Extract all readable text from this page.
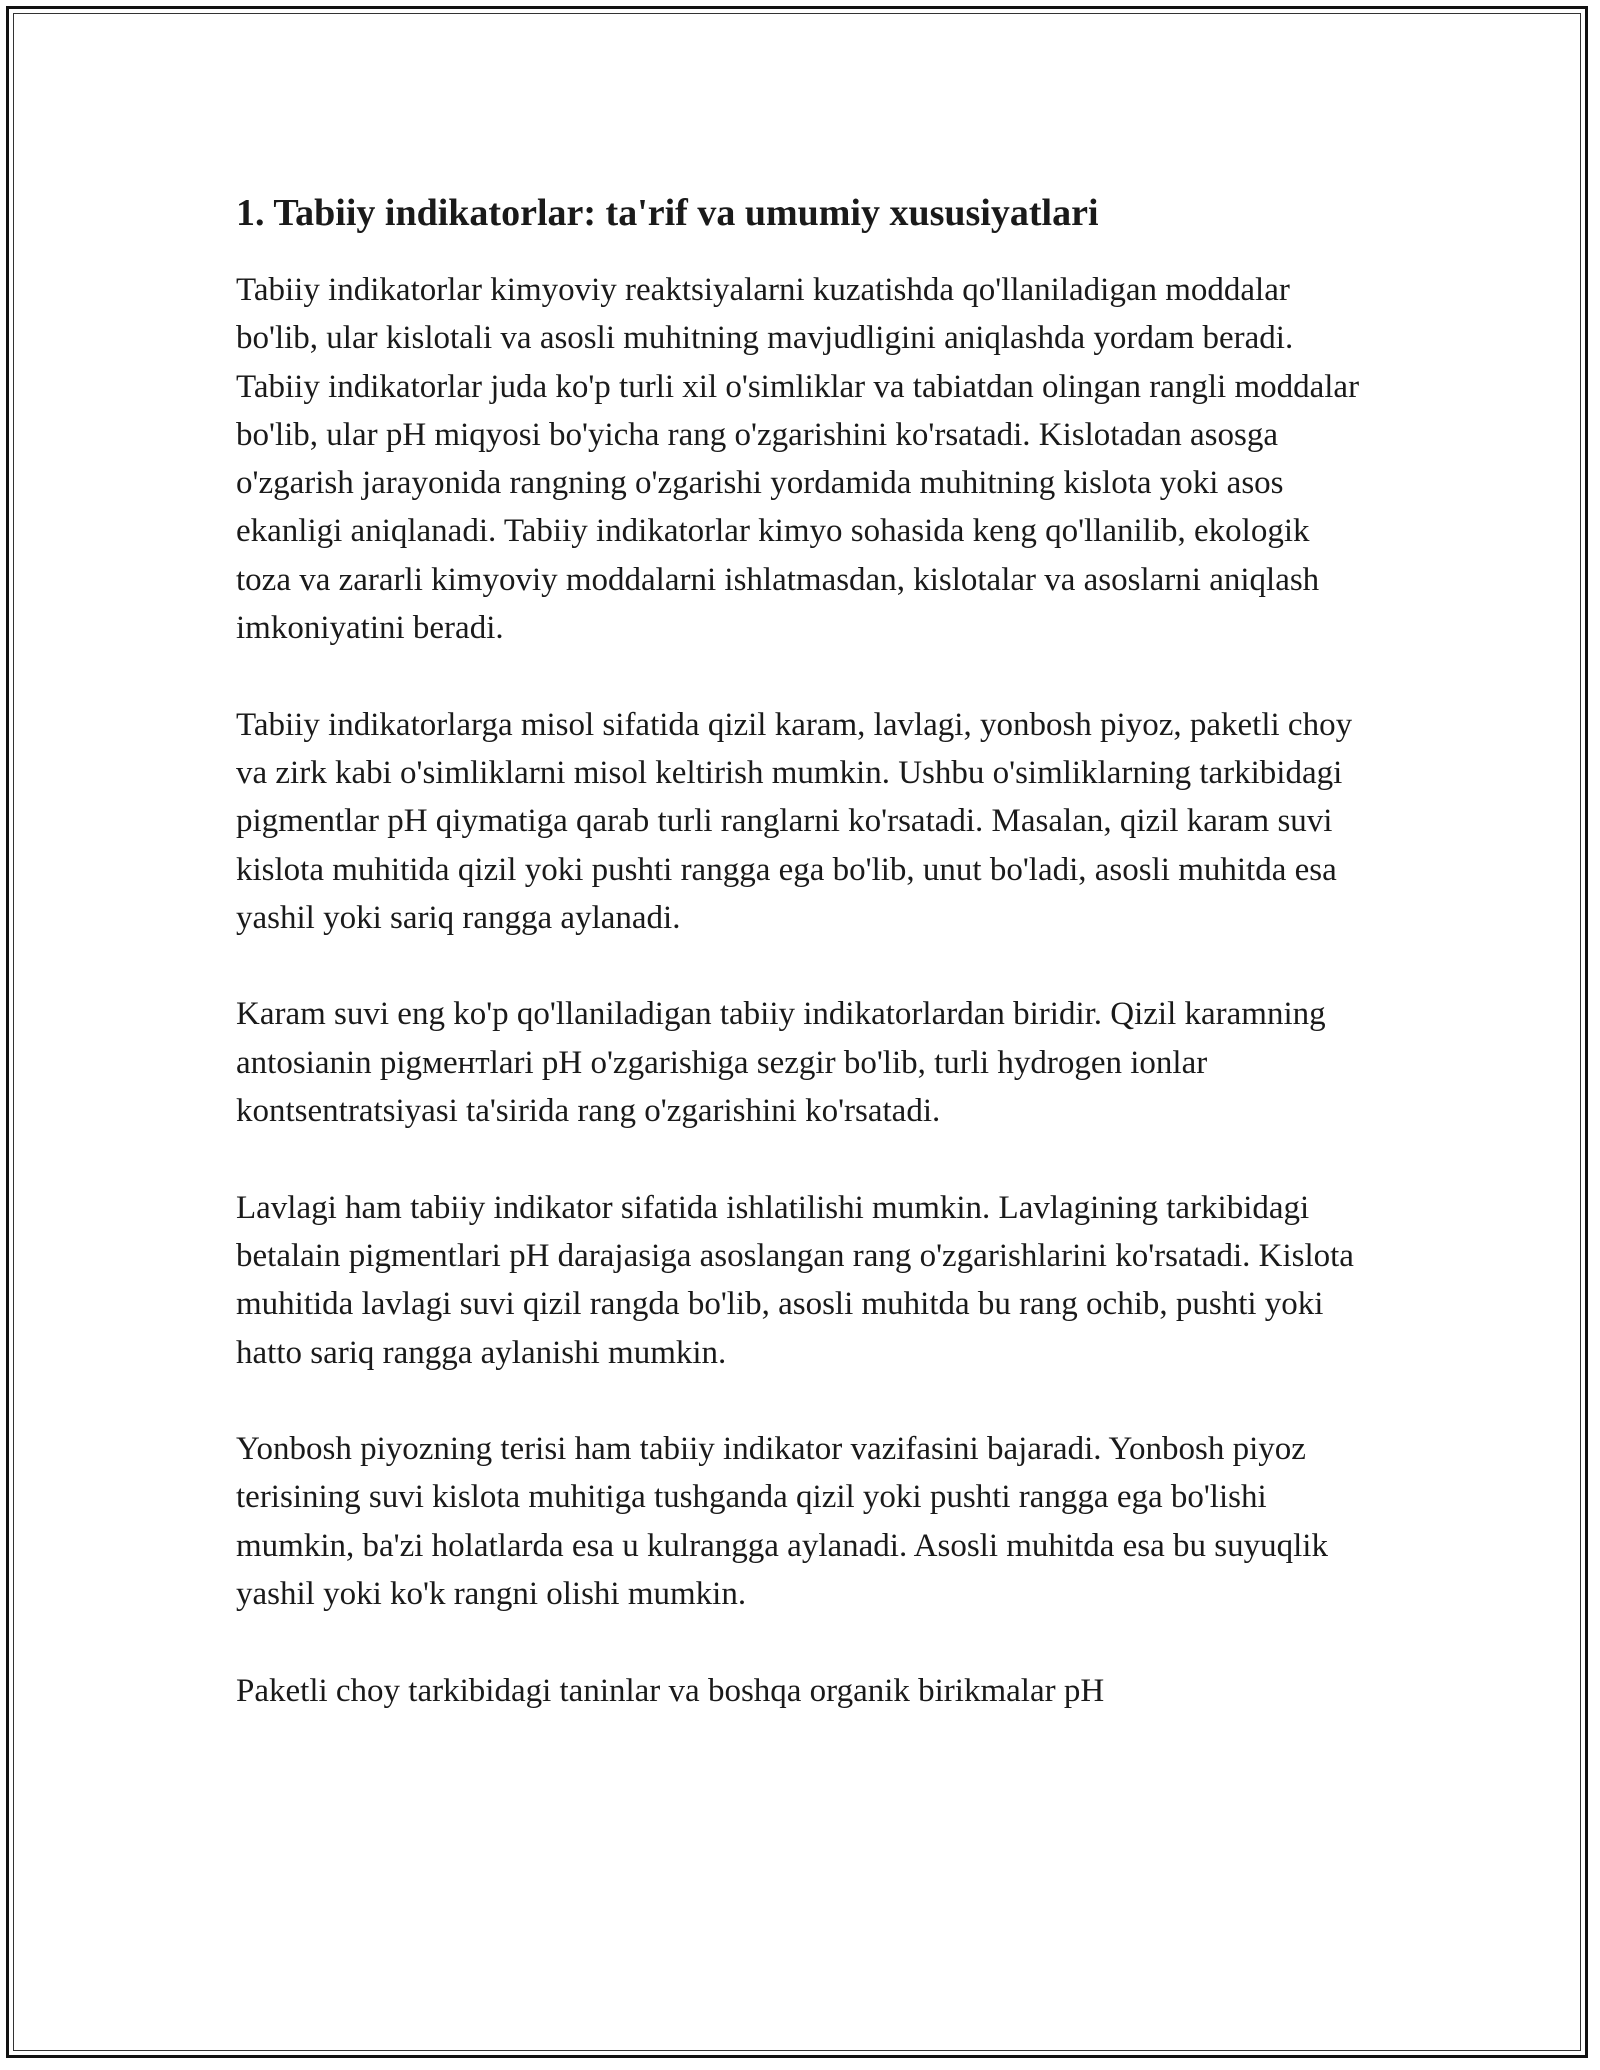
1. Tabiiy indikatorlar: ta'rif va umumiy xususiyatlari

Tabiiy indikatorlar kimyoviy reaktsiyalarni kuzatishda qo'llaniladigan moddalar bo'lib, ular kislotali va asosli muhitning mavjudligini aniqlashda yordam beradi. Tabiiy indikatorlar juda ko'p turli xil o'simliklar va tabiatdan olingan rangli moddalar bo'lib, ular pH miqyosi bo'yicha rang o'zgarishini ko'rsatadi. Kislotadan asosga o'zgarish jarayonida rangning o'zgarishi yordamida muhitning kislota yoki asos ekanligi aniqlanadi. Tabiiy indikatorlar kimyo sohasida keng qo'llanilib, ekologik toza va zararli kimyoviy moddalarni ishlatmasdan, kislotalar va asoslarni aniqlash imkoniyatini beradi.

Tabiiy indikatorlarga misol sifatida qizil karam, lavlagi, yonbosh piyoz, paketli choy va zirk kabi o'simliklarni misol keltirish mumkin. Ushbu o'simliklarning tarkibidagi pigmentlar pH qiymatiga qarab turli ranglarni ko'rsatadi. Masalan, qizil karam suvi kislota muhitida qizil yoki pushti rangga ega bo'lib, unut bo'ladi, asosli muhitda esa yashil yoki sariq rangga aylanadi.

Karam suvi eng ko'p qo'llaniladigan tabiiy indikatorlardan biridir. Qizil karamning antosianin pigментlari pH o'zgarishiga sezgir bo'lib, turli hydrogen ionlar kontsentratsiyasi ta'sirida rang o'zgarishini ko'rsatadi.

Lavlagi ham tabiiy indikator sifatida ishlatilishi mumkin. Lavlagining tarkibidagi betalain pigmentlari pH darajasiga asoslangan rang o'zgarishlarini ko'rsatadi. Kislota muhitida lavlagi suvi qizil rangda bo'lib, asosli muhitda bu rang ochib, pushti yoki hatto sariq rangga aylanishi mumkin.

Yonbosh piyozning terisi ham tabiiy indikator vazifasini bajaradi. Yonbosh piyoz terisining suvi kislota muhitiga tushganda qizil yoki pushti rangga ega bo'lishi mumkin, ba'zi holatlarda esa u kulrangga aylanadi. Asosli muhitda esa bu suyuqlik yashil yoki ko'k rangni olishi mumkin.

Paketli choy tarkibidagi taninlar va boshqa organik birikmalar pH
